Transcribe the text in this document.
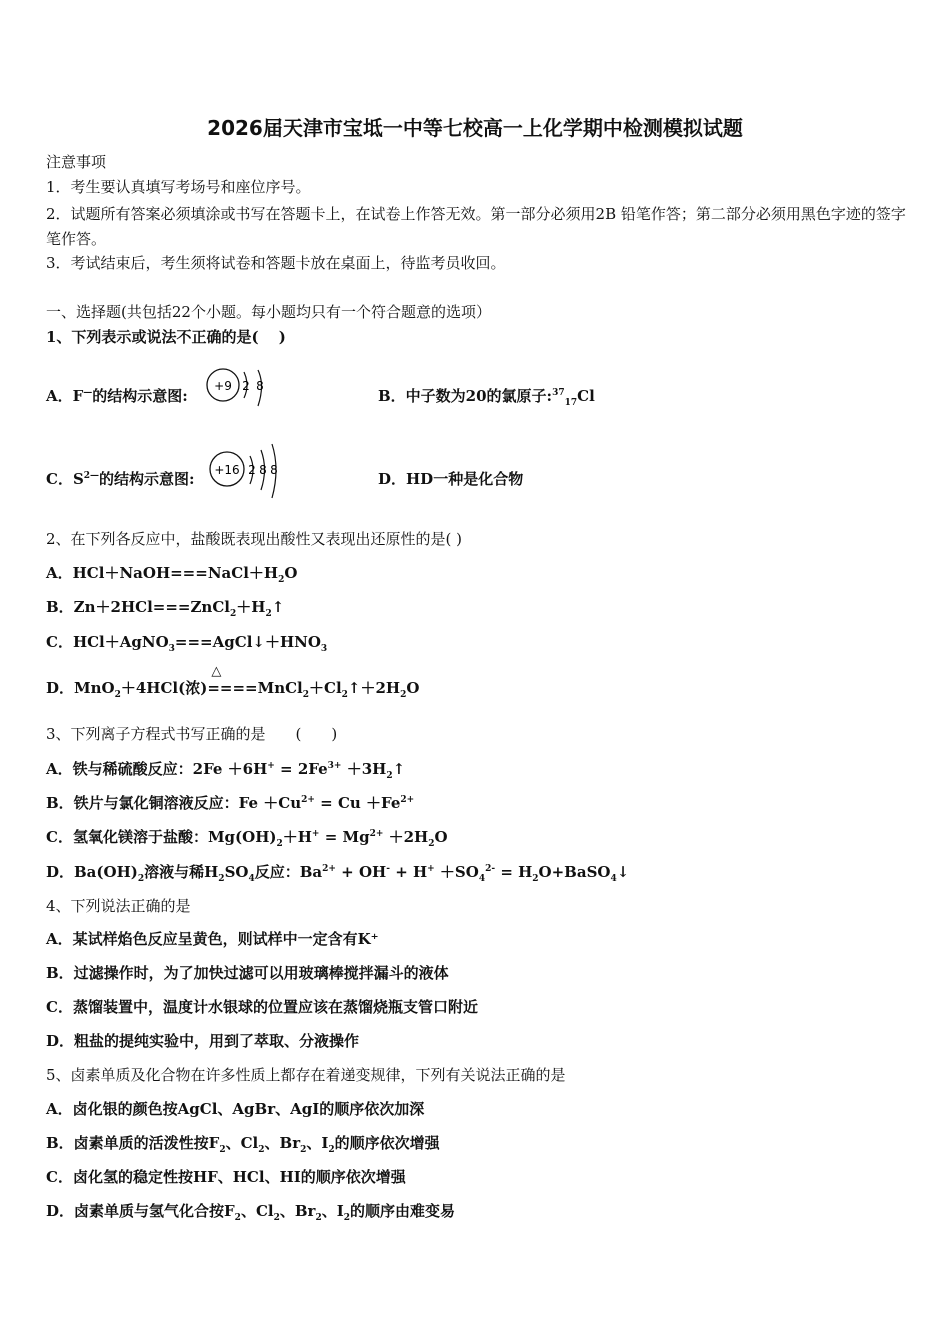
2026届天津市宝坻一中等七校高一上化学期中检测模拟试题
注意事项
1．考生要认真填写考场号和座位序号。
2．试题所有答案必须填涂或书写在答题卡上，在试卷上作答无效。第一部分必须用2B 铅笔作答；第二部分必须用黑色字迹的签字笔作答。
3．考试结束后，考生须将试卷和答题卡放在桌面上，待监考员收回。
一、选择题(共包括22个小题。每小题均只有一个符合题意的选项）
1、下列表示或说法不正确的是(　 )
A．F—的结构示意图:
+9 2 8
B．中子数为20的氯原子:$^{37}_{17}$Cl
C．$S^{2—}$的结构示意图: +16 2 8 8	D．HD一种是化合物
2、在下列各反应中，盐酸既表现出酸性又表现出还原性的是( )
A．$HCl+NaOH===NaCl+H_2O$
B．$Zn+2HCl===ZnCl_2+H_2↑$
C．$HCl+AgNO_3===AgCl↓+HNO_3$
D．MnO$_2$＋4HCl(浓)
△
$====MnCl_2+Cl_2↑+2H_2O$
3、下列离子方程式书写正确的是　　(　　)
A．铁与稀硫酸反应：$2Fe +6H^+ = 2Fe^{3+}$ $+3H_2↑$
B．铁片与氯化铜溶液反应：$Fe +Cu^{2+} = Cu +Fe^{2+}$
C．氢氧化镁溶于盐酸：$Mg(OH)_2+H^+ = Mg^{2+} +2H_2O$
D．$Ba(OH)_2$溶液与稀$H_2SO_4$反应：$Ba^{2+} + OH^- + H^+ +SO_4^{2-}$ = $H_2O+BaSO_4↓$
4、下列说法正确的是
A．某试样焰色反应呈黄色，则试样中一定含有K⁺
B．过滤操作时，为了加快过滤可以用玻璃棒搅拌漏斗的液体
C．蒸馏装置中，温度计水银球的位置应该在蒸馏烧瓶支管口附近
D．粗盐的提纯实验中，用到了萃取、分液操作
5、卤素单质及化合物在许多性质上都存在着递变规律，下列有关说法正确的是
A．卤化银的颜色按AgCl、AgBr、AgI的顺序依次加深
B．卤素单质的活泼性按$F_2$、$Cl_2$、$Br_2$、$I_2$的顺序依次增强
C．卤化氢的稳定性按HF、HCl、HI的顺序依次增强
D．卤素单质与氢气化合按$F_2$、$Cl_2$、$Br_2$、$I_2$的顺序由难变易
